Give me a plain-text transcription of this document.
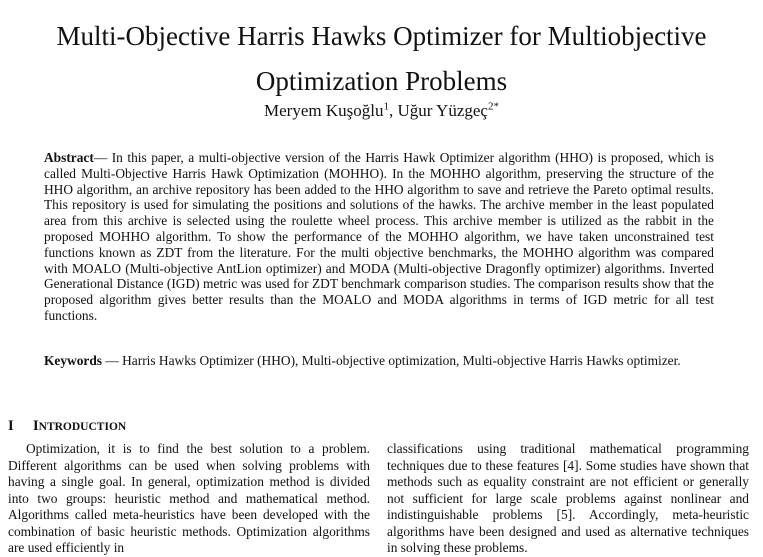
Multi-Objective Harris Hawks Optimizer for Multiobjective
Optimization Problems
Meryem Kuşoğlu$^1$, Uğur Yüzgeç$^{2*}$
Abstract— In this paper, a multi-objective version of the Harris Hawk Optimizer algorithm (HHO) is proposed, which is called Multi-Objective Harris Hawk Optimization (MOHHO). In the MOHHO algorithm, preserving the structure of the HHO algorithm, an archive repository has been added to the HHO algorithm to save and retrieve the Pareto optimal results. This repository is used for simulating the positions and solutions of the hawks. The archive member in the least populated area from this archive is selected using the roulette wheel process. This archive member is utilized as the rabbit in the proposed MOHHO algorithm. To show the performance of the MOHHO algorithm, we have taken unconstrained test functions known as ZDT from the literature. For the multi objective benchmarks, the MOHHO algorithm was compared with MOALO (Multi-objective AntLion optimizer) and MODA (Multi-objective Dragonfly optimizer) algorithms. Inverted Generational Distance (IGD) metric was used for ZDT benchmark comparison studies. The comparison results show that the proposed algorithm gives better results than the MOALO and MODA algorithms in terms of IGD metric for all test functions.
Keywords — Harris Hawks Optimizer (HHO), Multi-objective optimization, Multi-objective Harris Hawks optimizer.
I INTRODUCTION
Optimization, it is to find the best solution to a problem. Different algorithms can be used when solving problems with having a single goal. In general, optimization method is divided into two groups: heuristic method and mathematical method. Algorithms called meta-heuristics have been developed with the combination of basic heuristic methods. Optimization algorithms are used efficiently in
classifications using traditional mathematical programming techniques due to these features [4]. Some studies have shown that methods such as equality constraint are not efficient or generally not sufficient for large scale problems against nonlinear and indistinguishable problems [5]. Accordingly, meta-heuristic algorithms have been designed and used as alternative techniques in solving these problems.
